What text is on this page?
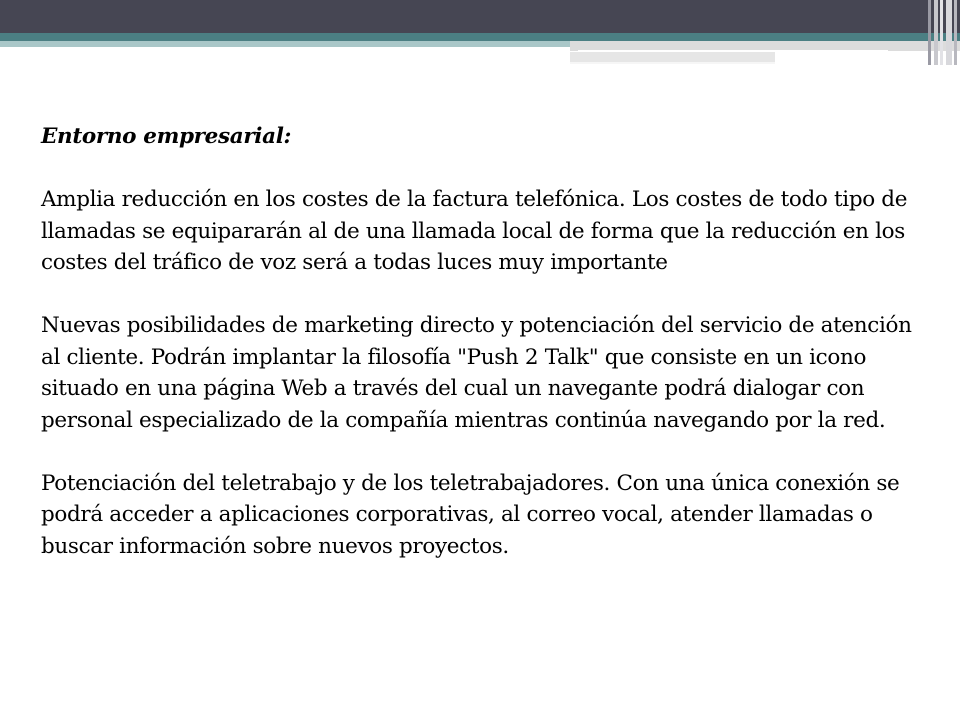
Entorno empresarial:

Amplia reducción en los costes de la factura telefónica. Los costes de todo tipo de llamadas se equipararán al de una llamada local de forma que la reducción en los costes del tráfico de voz será a todas luces muy importante

Nuevas posibilidades de marketing directo y potenciación del servicio de atención al cliente. Podrán implantar la filosofía "Push 2 Talk" que consiste en un icono situado en una página Web a través del cual un navegante podrá dialogar con personal especializado de la compañía mientras continúa navegando por la red.

Potenciación del teletrabajo y de los teletrabajadores. Con una única conexión se podrá acceder a aplicaciones corporativas, al correo vocal, atender llamadas o buscar información sobre nuevos proyectos.
